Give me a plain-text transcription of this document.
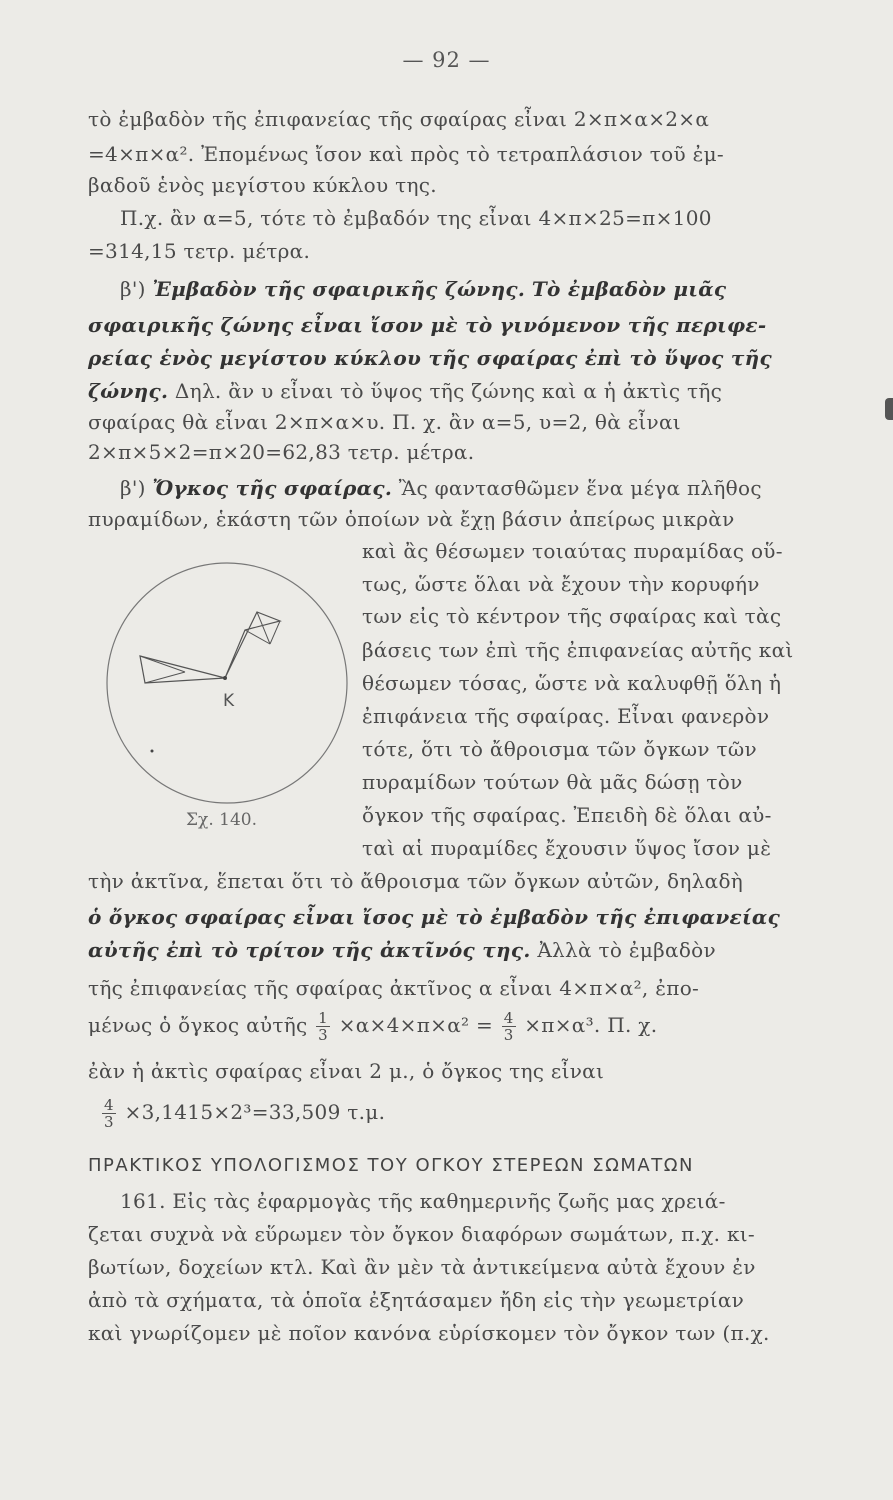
— 92 —
τὸ ἐμβαδὸν τῆς ἐπιφανείας τῆς σφαίρας εἶναι 2×π×α×2×α
=4×π×α². Ἐπομένως ἴσον καὶ πρὸς τὸ τετραπλάσιον τοῦ ἐμ-
βαδοῦ ἑνὸς μεγίστου κύκλου της.
Π.χ. ἂν α=5, τότε τὸ ἐμβαδόν της εἶναι 4×π×25=π×100
=314,15 τετρ. μέτρα.
β') Ἐμβαδὸν τῆς σφαιρικῆς ζώνης. Τὸ ἐμβαδὸν μιᾶς
σφαιρικῆς ζώνης εἶναι ἴσον μὲ τὸ γινόμενον τῆς περιφε-
ρείας ἑνὸς μεγίστου κύκλου τῆς σφαίρας ἐπὶ τὸ ὕψος τῆς
ζώνης. Δηλ. ἂν υ εἶναι τὸ ὕψος τῆς ζώνης καὶ α ἡ ἀκτὶς τῆς
σφαίρας θὰ εἶναι 2×π×α×υ. Π. χ. ἂν α=5, υ=2, θὰ εἶναι
2×π×5×2=π×20=62,83 τετρ. μέτρα.
β') Ὄγκος τῆς σφαίρας. Ἂς φαντασθῶμεν ἕνα μέγα πλῆθος
πυραμίδων, ἑκάστη τῶν ὁποίων νὰ ἔχῃ βάσιν ἀπείρως μικρὰν
καὶ ἂς θέσωμεν τοιαύτας πυραμίδας οὕ-
τως, ὥστε ὅλαι νὰ ἔχουν τὴν κορυφήν
των εἰς τὸ κέντρον τῆς σφαίρας καὶ τὰς
βάσεις των ἐπὶ τῆς ἐπιφανείας αὐτῆς καὶ
θέσωμεν τόσας, ὥστε νὰ καλυφθῇ ὅλη ἡ
ἐπιφάνεια τῆς σφαίρας. Εἶναι φανερὸν
τότε, ὅτι τὸ ἄθροισμα τῶν ὄγκων τῶν
πυραμίδων τούτων θὰ μᾶς δώσῃ τὸν
ὄγκον τῆς σφαίρας. Ἐπειδὴ δὲ ὅλαι αὐ-
ταὶ αἱ πυραμίδες ἔχουσιν ὕψος ἴσον μὲ
K
Σχ. 140.
τὴν ἀκτῖνα, ἕπεται ὅτι τὸ ἄθροισμα τῶν ὄγκων αὐτῶν, δηλαδὴ
ὁ ὄγκος σφαίρας εἶναι ἴσος μὲ τὸ ἐμβαδὸν τῆς ἐπιφανείας
αὐτῆς ἐπὶ τὸ τρίτον τῆς ἀκτῖνός της. Ἀλλὰ τὸ ἐμβαδὸν
τῆς ἐπιφανείας τῆς σφαίρας ἀκτῖνος α εἶναι 4×π×α², ἐπο-
μένως ὁ ὄγκος αὐτῆς $\frac{1}{3} \times\alpha\times 4\times\pi\times\alpha^2 = \frac{4}{3} \times\pi\times\alpha^3$. Π. χ.
ἐὰν ἡ ἀκτὶς σφαίρας εἶναι 2 μ., ὁ ὄγκος της εἶναι
$\frac{4}{3} \times 3,1415\times 2^3=33,509$ τ.μ.
ΠΡΑΚΤΙΚΟΣ ΥΠΟΛΟΓΙΣΜΟΣ ΤΟΥ ΟΓΚΟΥ ΣΤΕΡΕΩΝ ΣΩΜΑΤΩΝ
161. Εἰς τὰς ἐφαρμογὰς τῆς καθημερινῆς ζωῆς μας χρειά-
ζεται συχνὰ νὰ εὕρωμεν τὸν ὄγκον διαφόρων σωμάτων, π.χ. κι-
βωτίων, δοχείων κτλ. Καὶ ἂν μὲν τὰ ἀντικείμενα αὐτὰ ἔχουν ἐν
ἀπὸ τὰ σχήματα, τὰ ὁποῖα ἐξητάσαμεν ἤδη εἰς τὴν γεωμετρίαν
καὶ γνωρίζομεν μὲ ποῖον κανόνα εὑρίσκομεν τὸν ὄγκον των (π.χ.
